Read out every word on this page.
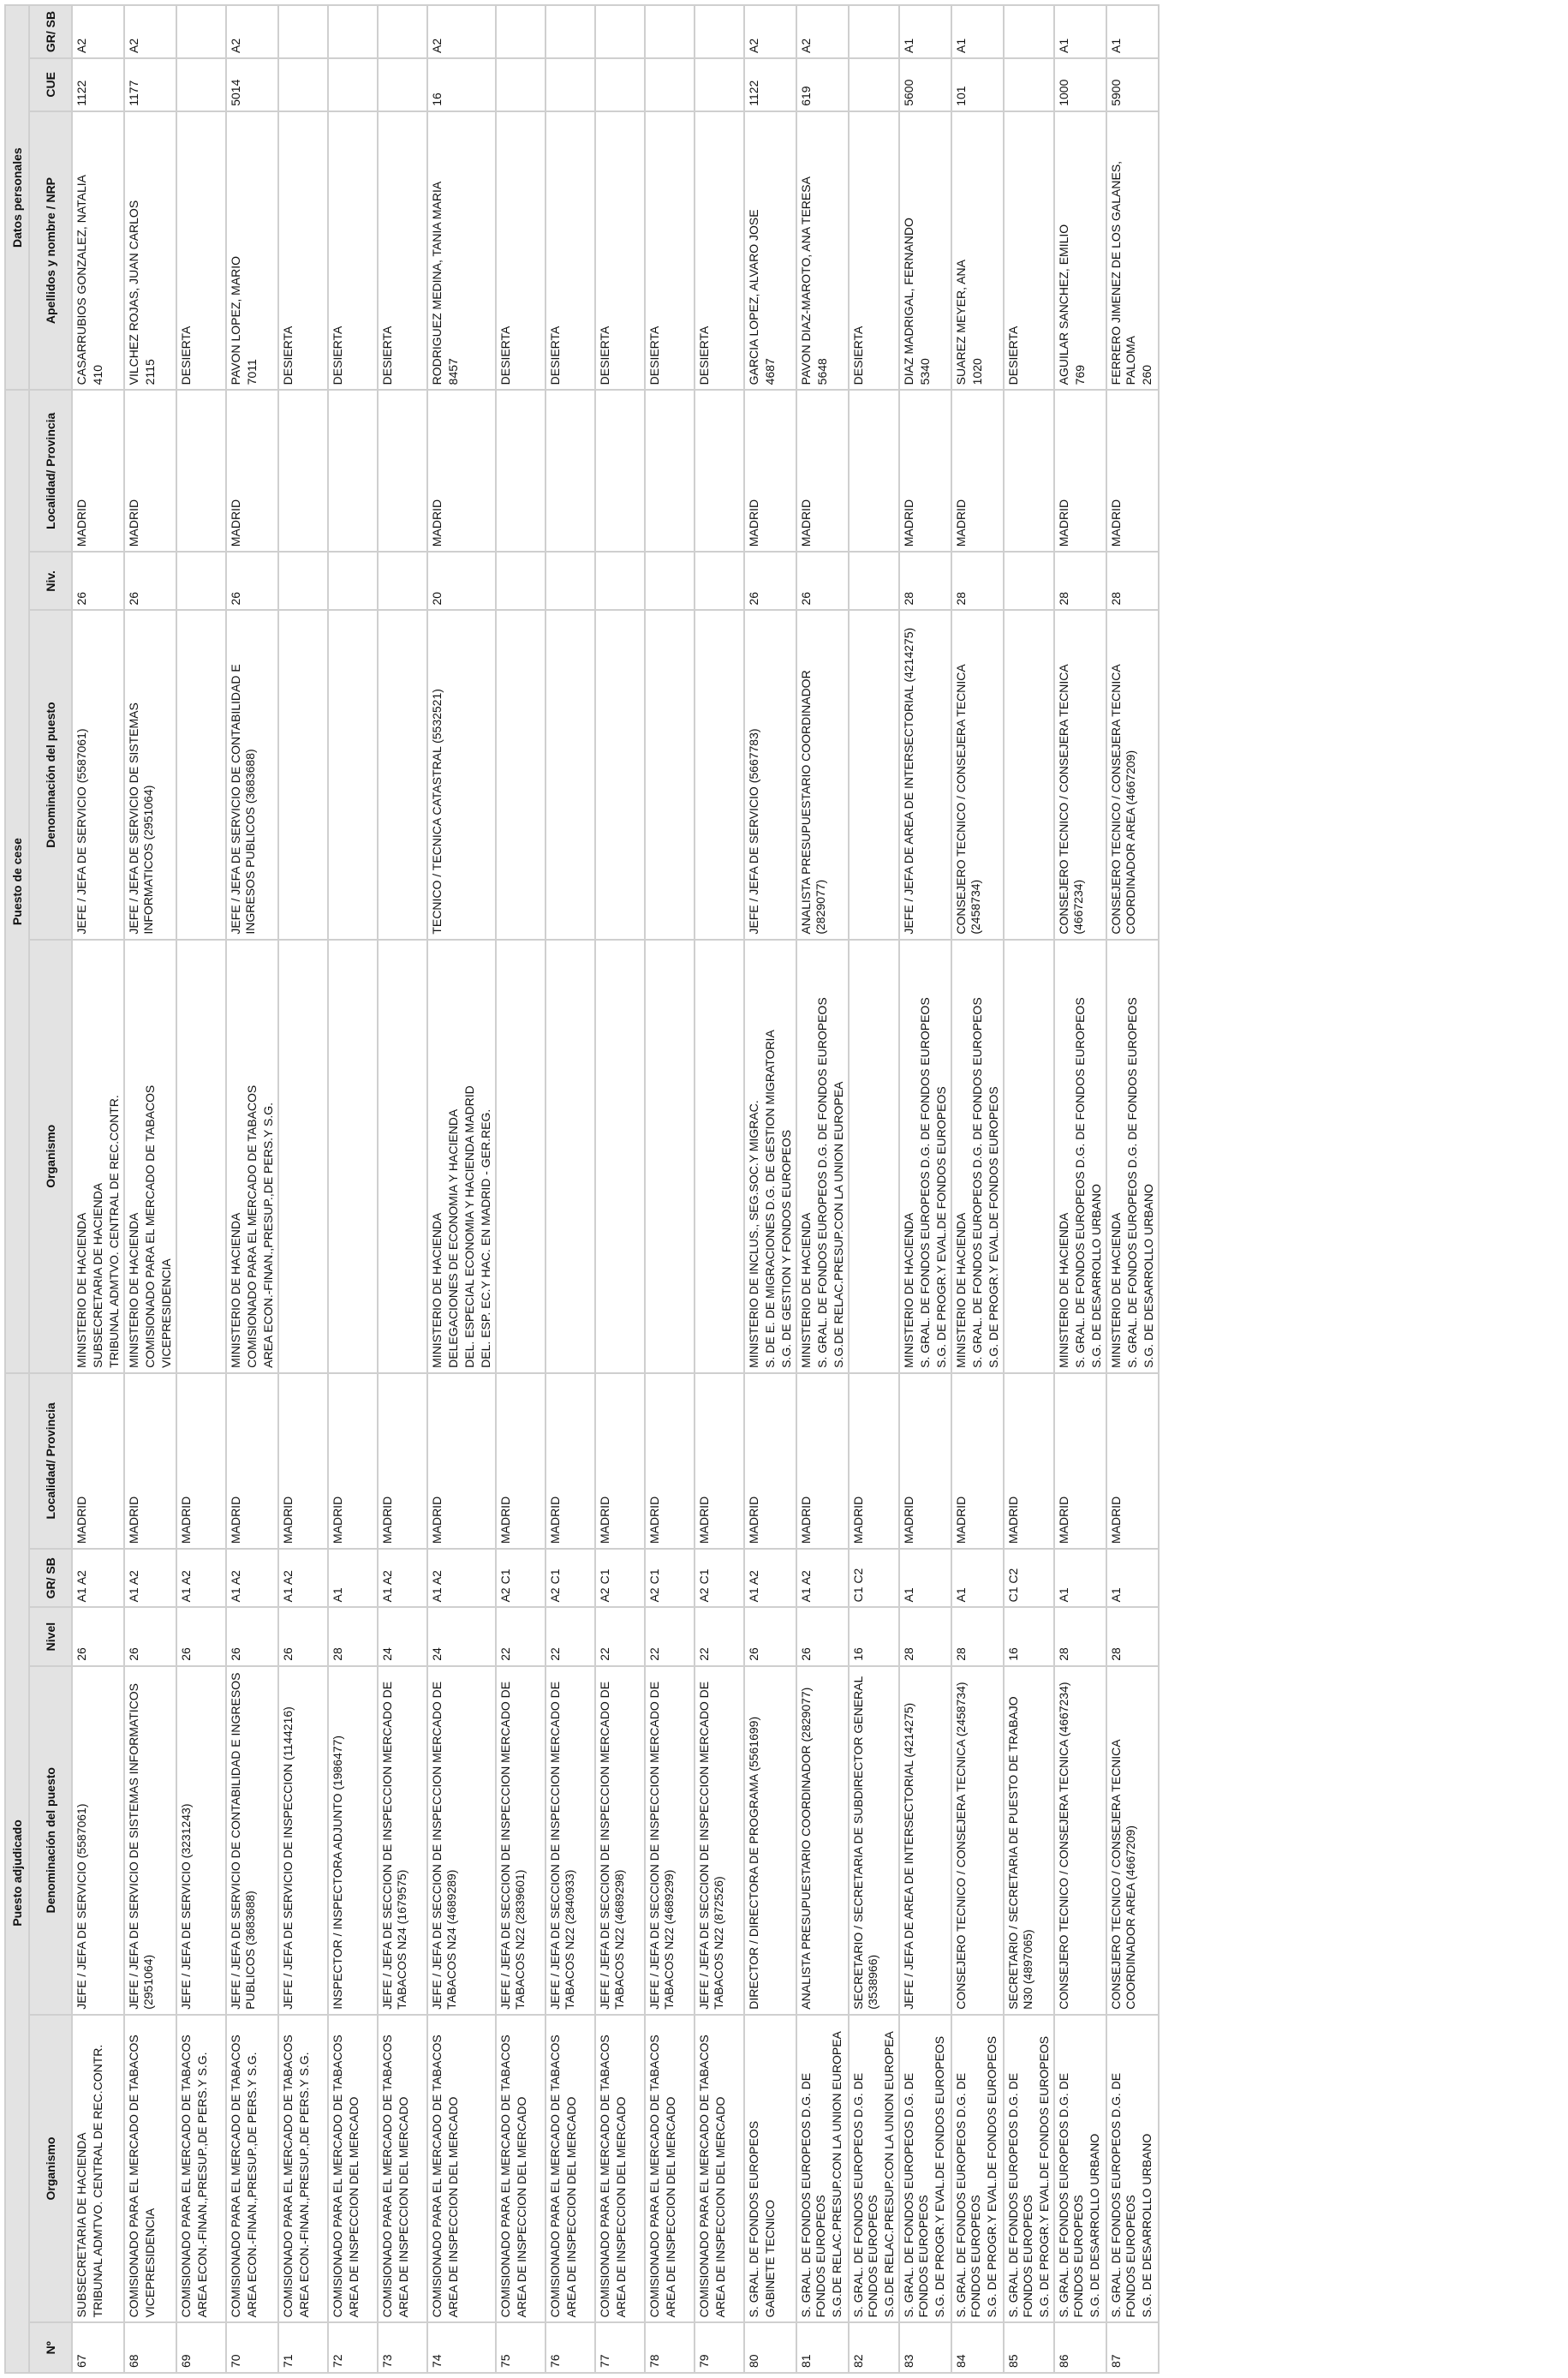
Puesto adjudicado						Puesto de cese				Datos personales		
Nº	Organismo	Denominación del puesto	Nivel	GR/ SB	Localidad/ Provincia	Organismo	Denominación del puesto	Niv.	Localidad/ Provincia	Apellidos y nombre / NRP	CUE	GR/ SB
67	SUBSECRETARIA DE HACIENDA TRIBUNAL ADMTVO. CENTRAL DE REC.CONTR.	JEFE / JEFA DE SERVICIO (5587061)	26	A1 A2	MADRID	MINISTERIO DE HACIENDA SUBSECRETARIA DE HACIENDA TRIBUNAL ADMTVO. CENTRAL DE REC.CONTR.	JEFE / JEFA DE SERVICIO (5587061)	26	MADRID	CASARRUBIOS GONZALEZ, NATALIA 410	1122	A2
68	COMISIONADO PARA EL MERCADO DE TABACOS VICEPRESIDENCIA	JEFE / JEFA DE SERVICIO DE SISTEMAS INFORMATICOS (2951064)	26	A1 A2	MADRID	MINISTERIO DE HACIENDA COMISIONADO PARA EL MERCADO DE TABACOS VICEPRESIDENCIA	JEFE / JEFA DE SERVICIO DE SISTEMAS INFORMATICOS (2951064)	26	MADRID	VILCHEZ ROJAS, JUAN CARLOS 2115	1177	A2
69	COMISIONADO PARA EL MERCADO DE TABACOS AREA ECON.-FINAN.,PRESUP.,DE PERS.Y S.G.	JEFE / JEFA DE SERVICIO (3231243)	26	A1 A2	MADRID					DESIERTA		

70	COMISIONADO PARA EL MERCADO DE TABACOS AREA ECON.-FINAN.,PRESUP.,DE PERS.Y S.G.	JEFE / JEFA DE SERVICIO DE CONTABILIDAD E INGRESOS PUBLICOS (3683688)	26	A1 A2	MADRID	MINISTERIO DE HACIENDA COMISIONADO PARA EL MERCADO DE TABACOS AREA ECON.-FINAN.,PRESUP.,DE PERS.Y S.G.	JEFE / JEFA DE SERVICIO DE CONTABILIDAD E INGRESOS PUBLICOS (3683688)	26	MADRID	PAVON LOPEZ, MARIO 7011	5014	A2
71	COMISIONADO PARA EL MERCADO DE TABACOS AREA ECON.-FINAN.,PRESUP.,DE PERS.Y S.G.	JEFE / JEFA DE SERVICIO DE INSPECCION (1144216)	26	A1 A2	MADRID					DESIERTA		

72	COMISIONADO PARA EL MERCADO DE TABACOS AREA DE INSPECCION DEL MERCADO	INSPECTOR / INSPECTORA ADJUNTO (1986477)	28	A1	MADRID					DESIERTA		

73	COMISIONADO PARA EL MERCADO DE TABACOS AREA DE INSPECCION DEL MERCADO	JEFE / JEFA DE SECCION DE INSPECCION MERCADO DE TABACOS N24 (1679575)	24	A1 A2	MADRID					DESIERTA		

74	COMISIONADO PARA EL MERCADO DE TABACOS AREA DE INSPECCION DEL MERCADO	JEFE / JEFA DE SECCION DE INSPECCION MERCADO DE TABACOS N24 (4689289)	24	A1 A2	MADRID	MINISTERIO DE HACIENDA DELEGACIONES DE ECONOMIA Y HACIENDA DEL. ESPECIAL ECONOMIA Y HACIENDA MADRID DEL. ESP. EC.Y HAC. EN MADRID - GER.REG.	TECNICO / TECNICA CATASTRAL (5532521)	20	MADRID	RODRIGUEZ MEDINA, TANIA MARIA 8457	16	A2
75	COMISIONADO PARA EL MERCADO DE TABACOS AREA DE INSPECCION DEL MERCADO	JEFE / JEFA DE SECCION DE INSPECCION MERCADO DE TABACOS N22 (2839601)	22	A2 C1	MADRID					DESIERTA		

76	COMISIONADO PARA EL MERCADO DE TABACOS AREA DE INSPECCION DEL MERCADO	JEFE / JEFA DE SECCION DE INSPECCION MERCADO DE TABACOS N22 (2840933)	22	A2 C1	MADRID					DESIERTA		

77	COMISIONADO PARA EL MERCADO DE TABACOS AREA DE INSPECCION DEL MERCADO	JEFE / JEFA DE SECCION DE INSPECCION MERCADO DE TABACOS N22 (4689298)	22	A2 C1	MADRID					DESIERTA		

78	COMISIONADO PARA EL MERCADO DE TABACOS AREA DE INSPECCION DEL MERCADO	JEFE / JEFA DE SECCION DE INSPECCION MERCADO DE TABACOS N22 (4689299)	22	A2 C1	MADRID					DESIERTA		

79	COMISIONADO PARA EL MERCADO DE TABACOS AREA DE INSPECCION DEL MERCADO	JEFE / JEFA DE SECCION DE INSPECCION MERCADO DE TABACOS N22 (872526)	22	A2 C1	MADRID					DESIERTA		

80	S. GRAL. DE FONDOS EUROPEOS GABINETE TECNICO	DIRECTOR / DIRECTORA DE PROGRAMA (5561699)	26	A1 A2	MADRID	MINISTERIO DE INCLUS., SEG.SOC.Y MIGRAC. S. DE E. DE MIGRACIONES D.G. DE GESTION MIGRATORIA S.G. DE GESTION Y FONDOS EUROPEOS	JEFE / JEFA DE SERVICIO (5667783)	26	MADRID	GARCIA LOPEZ, ALVARO JOSE 4687	1122	A2
81	S. GRAL. DE FONDOS EUROPEOS D.G. DE FONDOS EUROPEOS S.G.DE RELAC.PRESUP.CON LA UNION EUROPEA	ANALISTA PRESUPUESTARIO COORDINADOR (2829077)	26	A1 A2	MADRID	MINISTERIO DE HACIENDA S. GRAL. DE FONDOS EUROPEOS D.G. DE FONDOS EUROPEOS S.G.DE RELAC.PRESUP.CON LA UNION EUROPEA	ANALISTA PRESUPUESTARIO COORDINADOR (2829077)	26	MADRID	PAVON DIAZ-MAROTO, ANA TERESA 5648	619	A2
82	S. GRAL. DE FONDOS EUROPEOS D.G. DE FONDOS EUROPEOS S.G.DE RELAC.PRESUP.CON LA UNION EUROPEA	SECRETARIO / SECRETARIA DE SUBDIRECTOR GENERAL (3538966)	16	C1 C2	MADRID					DESIERTA		

83	S. GRAL. DE FONDOS EUROPEOS D.G. DE FONDOS EUROPEOS S.G. DE PROGR.Y EVAL.DE FONDOS EUROPEOS	JEFE / JEFA DE AREA DE INTERSECTORIAL (4214275)	28	A1	MADRID	MINISTERIO DE HACIENDA S. GRAL. DE FONDOS EUROPEOS D.G. DE FONDOS EUROPEOS S.G. DE PROGR.Y EVAL.DE FONDOS EUROPEOS	JEFE / JEFA DE AREA DE INTERSECTORIAL (4214275)	28	MADRID	DIAZ MADRIGAL, FERNANDO 5340	5600	A1
84	S. GRAL. DE FONDOS EUROPEOS D.G. DE FONDOS EUROPEOS S.G. DE PROGR.Y EVAL.DE FONDOS EUROPEOS	CONSEJERO TECNICO / CONSEJERA TECNICA (2458734)	28	A1	MADRID	MINISTERIO DE HACIENDA S. GRAL. DE FONDOS EUROPEOS D.G. DE FONDOS EUROPEOS S.G. DE PROGR.Y EVAL.DE FONDOS EUROPEOS	CONSEJERO TECNICO / CONSEJERA TECNICA (2458734)	28	MADRID	SUAREZ MEYER, ANA 1020	101	A1
85	S. GRAL. DE FONDOS EUROPEOS D.G. DE FONDOS EUROPEOS S.G. DE PROGR.Y EVAL.DE FONDOS EUROPEOS	SECRETARIO / SECRETARIA DE PUESTO DE TRABAJO N30 (4897065)	16	C1 C2	MADRID					DESIERTA		

86	S. GRAL. DE FONDOS EUROPEOS D.G. DE FONDOS EUROPEOS S.G. DE DESARROLLO URBANO	CONSEJERO TECNICO / CONSEJERA TECNICA (4667234)	28	A1	MADRID	MINISTERIO DE HACIENDA S. GRAL. DE FONDOS EUROPEOS D.G. DE FONDOS EUROPEOS S.G. DE DESARROLLO URBANO	CONSEJERO TECNICO / CONSEJERA TECNICA (4667234)	28	MADRID	AGUILAR SANCHEZ, EMILIO 769	1000	A1
87	S. GRAL. DE FONDOS EUROPEOS D.G. DE FONDOS EUROPEOS S.G. DE DESARROLLO URBANO	CONSEJERO TECNICO / CONSEJERA TECNICA COORDINADOR AREA (4667209)	28	A1	MADRID	MINISTERIO DE HACIENDA S. GRAL. DE FONDOS EUROPEOS D.G. DE FONDOS EUROPEOS S.G. DE DESARROLLO URBANO	CONSEJERO TECNICO / CONSEJERA TECNICA COORDINADOR AREA (4667209)	28	MADRID	FERRERO JIMENEZ DE LOS GALANES, PALOMA 260	5900	A1
